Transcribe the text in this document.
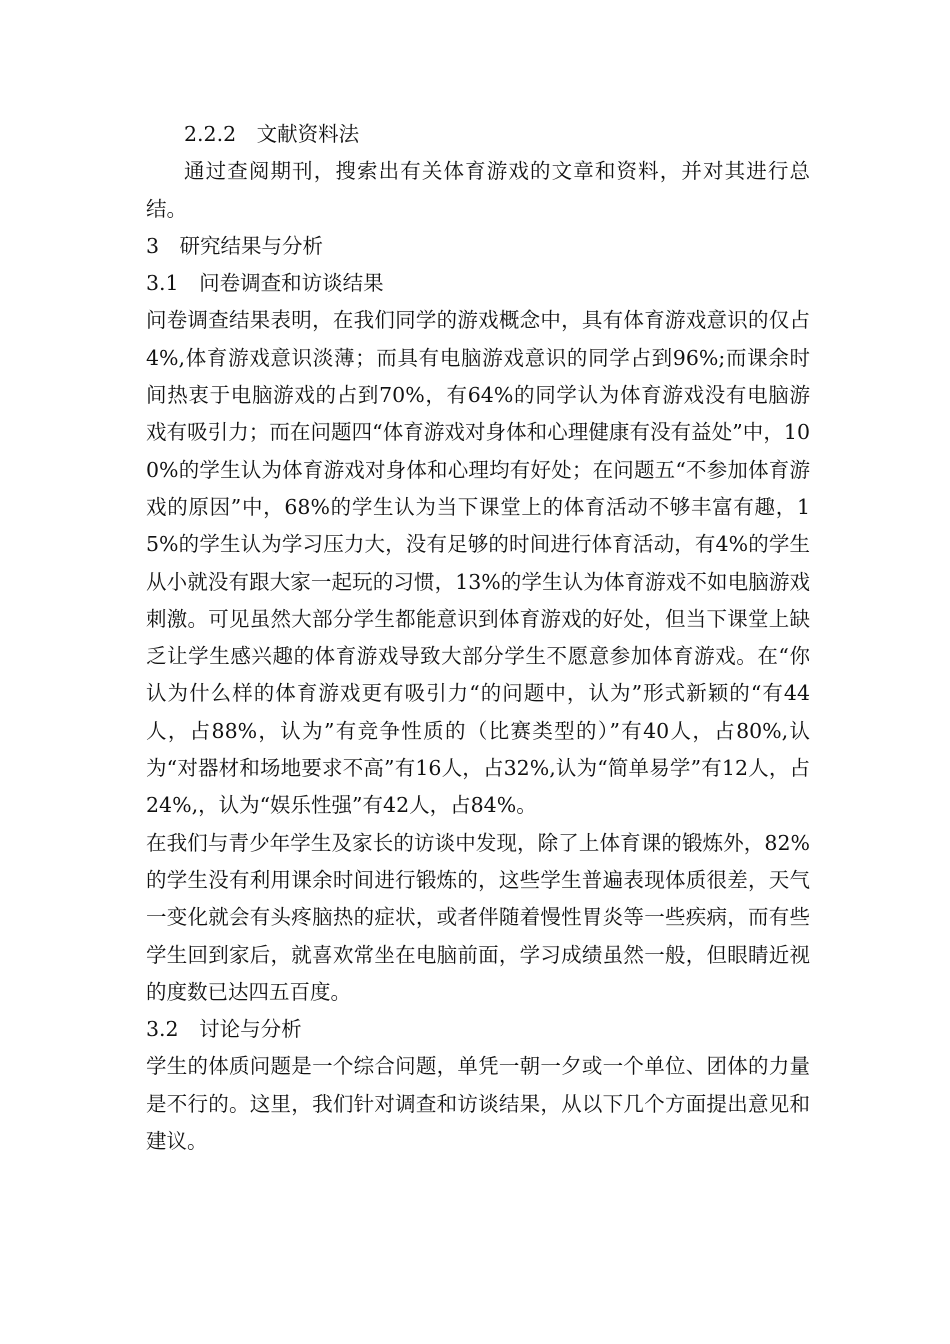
2.2.2　文献资料法

通过查阅期刊，搜索出有关体育游戏的文章和资料，并对其进行总结。

3　研究结果与分析

3.1　问卷调查和访谈结果

问卷调查结果表明，在我们同学的游戏概念中，具有体育游戏意识的仅占4%,体育游戏意识淡薄；而具有电脑游戏意识的同学占到96%;而课余时间热衷于电脑游戏的占到70%，有64%的同学认为体育游戏没有电脑游戏有吸引力；而在问题四“体育游戏对身体和心理健康有没有益处”中，100%的学生认为体育游戏对身体和心理均有好处；在问题五“不参加体育游戏的原因”中，68%的学生认为当下课堂上的体育活动不够丰富有趣，15%的学生认为学习压力大，没有足够的时间进行体育活动，有4%的学生从小就没有跟大家一起玩的习惯，13%的学生认为体育游戏不如电脑游戏刺激。可见虽然大部分学生都能意识到体育游戏的好处，但当下课堂上缺乏让学生感兴趣的体育游戏导致大部分学生不愿意参加体育游戏。在“你认为什么样的体育游戏更有吸引力“的问题中，认为”形式新颖的“有44人，占88%，认为”有竞争性质的（比赛类型的）”有40人，占80%,认为“对器材和场地要求不高”有16人，占32%,认为“简单易学”有12人，占24%,，认为“娱乐性强”有42人，占84%。

在我们与青少年学生及家长的访谈中发现，除了上体育课的锻炼外，82%的学生没有利用课余时间进行锻炼的，这些学生普遍表现体质很差，天气一变化就会有头疼脑热的症状，或者伴随着慢性胃炎等一些疾病，而有些学生回到家后，就喜欢常坐在电脑前面，学习成绩虽然一般，但眼睛近视的度数已达四五百度。

3.2　讨论与分析

学生的体质问题是一个综合问题，单凭一朝一夕或一个单位、团体的力量是不行的。这里，我们针对调查和访谈结果，从以下几个方面提出意见和建议。
